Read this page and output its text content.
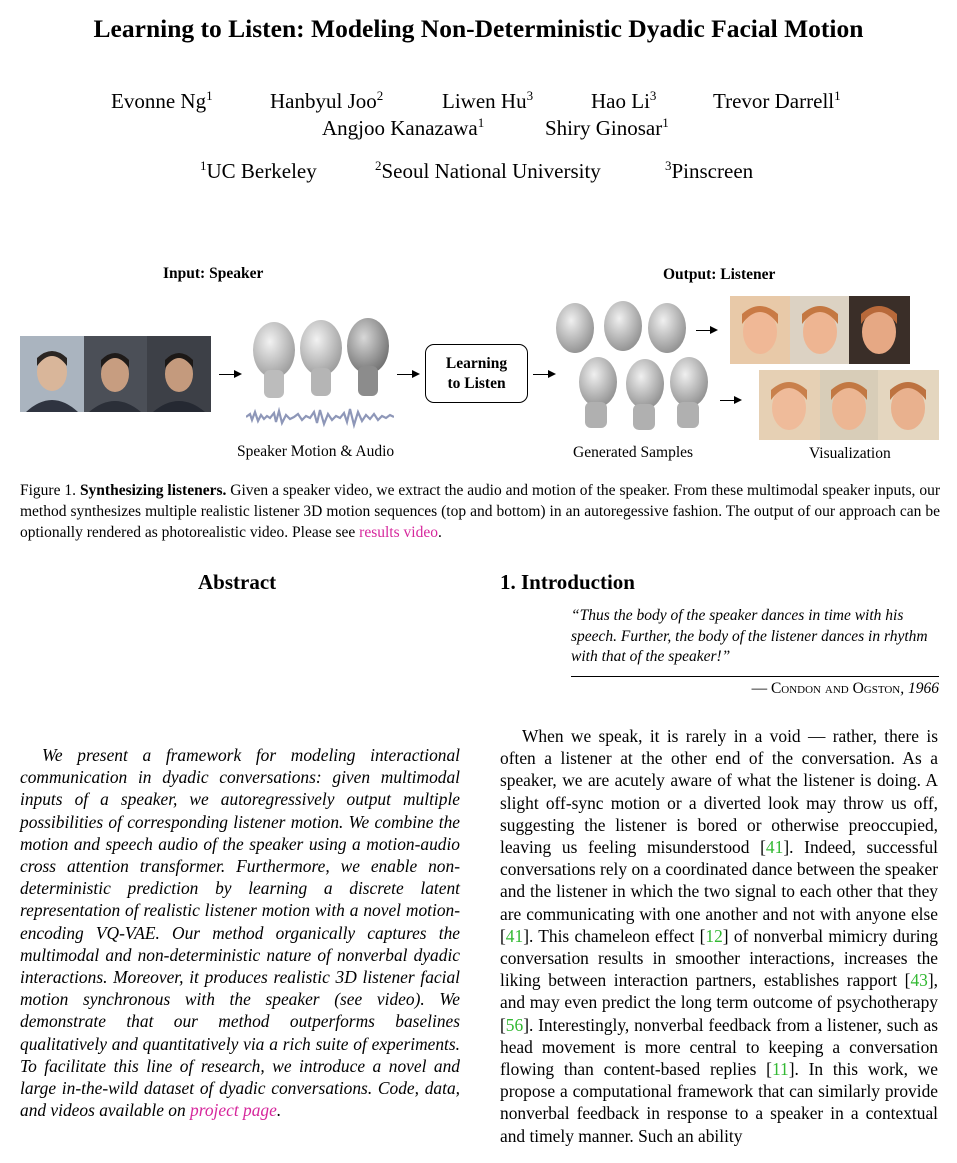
Learning to Listen: Modeling Non-Deterministic Dyadic Facial Motion
Evonne Ng$^1$	Hanbyul Joo$^2$	Liwen Hu$^3$	Hao Li$^3$	Trevor Darrell$^1$
Angjoo Kanazawa$^1$	Shiry Ginosar$^1$
$^1$UC Berkeley	$^2$Seoul National University	$^3$Pinscreen
Input: Speaker	Output: Listener
Learning
to Listen
Speaker Motion & Audio	Generated Samples	Visualization
Figure 1. Synthesizing listeners. Given a speaker video, we extract the audio and motion of the speaker. From these multimodal speaker inputs, our method synthesizes multiple realistic listener 3D motion sequences (top and bottom) in an autoregessive fashion. The output of our approach can be optionally rendered as photorealistic video. Please see results video.
Abstract	1. Introduction
“Thus the body of the speaker dances in time with his speech. Further, the body of the listener dances in rhythm with that of the speaker!”
— Condon and Ogston, 1966
We present a framework for modeling interactional communication in dyadic conversations: given multimodal inputs of a speaker, we autoregressively output multiple possibilities of corresponding listener motion. We combine the motion and speech audio of the speaker using a motion-audio cross attention transformer. Furthermore, we enable non-deterministic prediction by learning a discrete latent representation of realistic listener motion with a novel motion-encoding VQ-VAE. Our method organically captures the multimodal and non-deterministic nature of nonverbal dyadic interactions. Moreover, it produces realistic 3D listener facial motion synchronous with the speaker (see video). We demonstrate that our method outperforms baselines qualitatively and quantitatively via a rich suite of experiments. To facilitate this line of research, we introduce a novel and large in-the-wild dataset of dyadic conversations. Code, data, and videos available on project page.
When we speak, it is rarely in a void — rather, there is often a listener at the other end of the conversation. As a speaker, we are acutely aware of what the listener is doing. A slight off-sync motion or a diverted look may throw us off, suggesting the listener is bored or otherwise preoccupied, leaving us feeling misunderstood [41]. Indeed, successful conversations rely on a coordinated dance between the speaker and the listener in which the two signal to each other that they are communicating with one another and not with anyone else [41]. This chameleon effect [12] of nonverbal mimicry during conversation results in smoother interactions, increases the liking between interaction partners, establishes rapport [43], and may even predict the long term outcome of psychotherapy [56]. Interestingly, nonverbal feedback from a listener, such as head movement is more central to keeping a conversation flowing than content-based replies [11]. In this work, we propose a computational framework that can similarly provide nonverbal feedback in response to a speaker in a contextual and timely manner. Such an ability
